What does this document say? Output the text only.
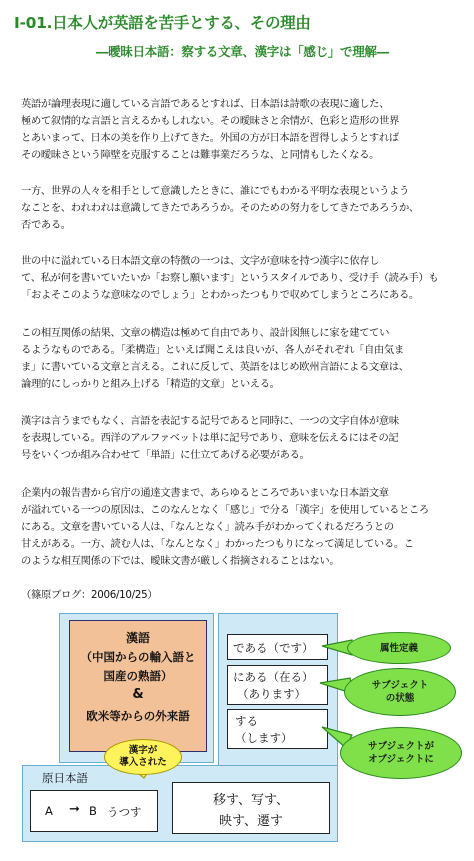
Ⅰ-01.日本人が英語を苦手とする、その理由
―曖昧日本語：察する文章、漢字は「感じ」で理解―
英語が論理表現に適している言語であるとすれば、日本語は詩歌の表現に適した、
極めて叙情的な言語と言えるかもしれない。その曖昧さと余情が、色彩と造形の世界
とあいまって、日本の美を作り上げてきた。外国の方が日本語を習得しようとすれば
その曖昧さという障壁を克服することは難事業だろうな、と同情もしたくなる。
一方、世界の人々を相手として意識したときに、誰にでもわかる平明な表現というよう
なことを、われわれは意識してきたであろうか。そのための努力をしてきたであろうか、
否である。
世の中に溢れている日本語文章の特徴の一つは、文字が意味を持つ漢字に依存し
て、私が何を書いていたいか「お察し願います」というスタイルであり、受け手（読み手）も
「およそこのような意味なのでしょう」とわかったつもりで収めてしまうところにある。
この相互関係の結果、文章の構造は極めて自由であり、設計図無しに家を建ててい
るようなものである。「柔構造」といえば聞こえは良いが、各人がそれぞれ「自由気ま
ま」に書いている文章と言える。これに反して、英語をはじめ欧州言語による文章は、
論理的にしっかりと組み上げる「精造的文章」といえる。
漢字は言うまでもなく、言語を表記する記号であると同時に、一つの文字自体が意味
を表現している。西洋のアルファベットは単に記号であり、意味を伝えるにはその記
号をいくつか組み合わせて「単語」に仕立てあげる必要がある。
企業内の報告書から官庁の通達文書まで、あらゆるところであいまいな日本語文章
が溢れている一つの原因は、このなんとなく「感じ」で分る「漢字」を使用しているところ
にある。文章を書いている人は、「なんとなく」読み手がわかってくれるだろうとの
甘えがある。一方、読む人は、「なんとなく」わかったつもりになって満足している。こ
のような相互関係の下では、曖昧文書が厳しく指摘されることはない。
（篠原ブログ：2006/10/25）
漢語
（中国からの輸入語と
国産の熟語）
&
欧米等からの外来語
である（です）
にある（在る）
（あります）
する
（します）
原日本語
A ➞ B うつす
移す、写す、
映す、遷す
属性定義
サブジェクト
の状態
サブジェクトが
オブジェクトに
漢字が
導入された
